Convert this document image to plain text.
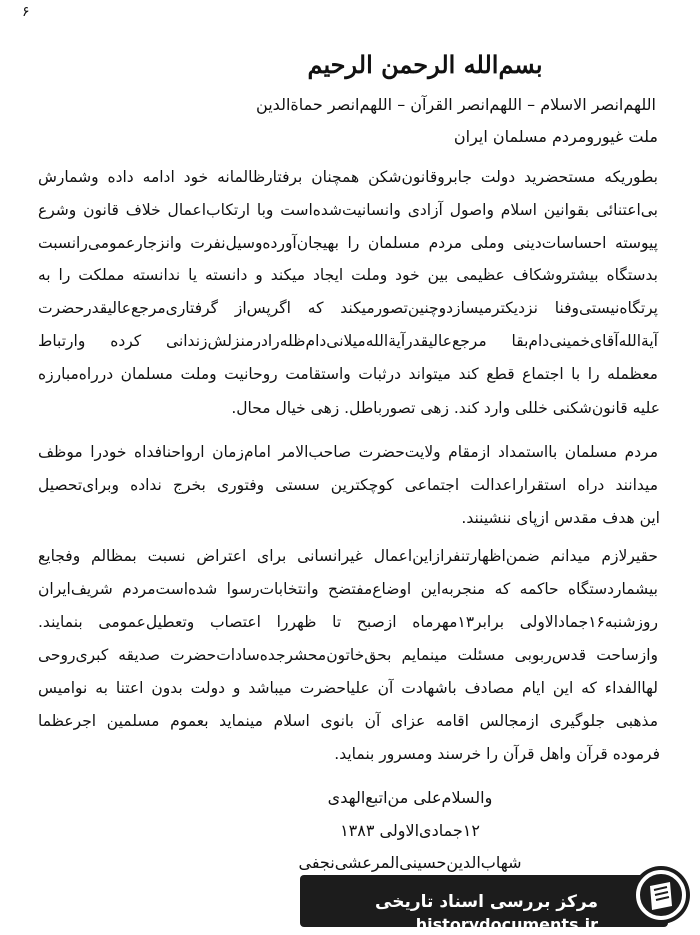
۶
بسم‌الله الرحمن الرحیم
اللهم‌انصر الاسلام – اللهم‌انصر القرآن – اللهم‌انصر حماة‌الدین
ملت غیورومردم مسلمان ایران
بطوریکه مستحضرید دولت جابروقانون‌شکن همچنان برفتارظالمانه خود ادامه داده وشمارش
بی‌اعتنائی بقوانین اسلام واصول آزادی وانسانیت‌شده‌است وبا ارتکاب‌اعمال خلاف قانون وشرع
پیوسته احساسات‌دینی وملی مردم مسلمان را بهیجان‌آورده‌وسیل‌نفرت وانزجارعمومی‌رانسبت
بدستگاه بیشتروشکاف عظیمی بین خود وملت ایجاد میکند و دانسته یا ندانسته مملکت را به
پرتگاه‌نیستی‌وفنا نزدیکترمیسازدوچنین‌تصورمیکند که اگرپس‌از گرفتاری‌مرجع‌عالیقدرحضرت
آیة‌الله‌آقای‌خمینی‌دام‌بقا مرجع‌عالیقدرآیة‌الله‌میلانی‌دام‌ظله‌رادرمنزلش‌زندانی کرده وارتباط
معظمله را با اجتماع قطع کند میتواند درثبات واستقامت روحانیت وملت مسلمان درراه‌مبارزه
علیه قانون‌شکنی خللی وارد کند. زهی تصورباطل. زهی خیال محال.
مردم مسلمان بااستمداد ازمقام ولایت‌حضرت صاحب‌الامر امام‌زمان ارواحنافداه خودرا موظف
میدانند دراه استقراراعدالت اجتماعی کوچکترین سستی وفتوری بخرج نداده وبرای‌تحصیل
این هدف مقدس ازپای ننشینند.
حقیرلازم میدانم ضمن‌اظهارتنفرازاین‌اعمال غیرانسانی برای اعتراض نسبت بمظالم وفجایع
بیشماردستگاه حاکمه که منجربه‌این اوضاع‌مفتضح وانتخابات‌رسوا شده‌است‌مردم شریف‌ایران
روزشنبه۱۶جمادالاولی برابر۱۳مهرماه ازصبح تا ظهررا اعتصاب وتعطیل‌عمومی بنمایند.
وازساحت قدس‌ربوبی مسئلت مینمایم بحق‌خاتون‌محشرجده‌سادات‌حضرت صدیقه کبری‌روحی
لهاالفداء که این ایام مصادف باشهادت آن علیاحضرت میباشد و دولت بدون اعتنا به نوامیس
مذهبی جلوگیری ازمجالس اقامه عزای آن بانوی اسلام مینماید بعموم مسلمین اجرعظما
فرموده قرآن واهل قرآن را خرسند ومسرور بنماید.
والسلام‌علی من‌اتبع‌الهدی
۱۲جمادی‌الاولی ۱۳۸۳
شهاب‌الدین‌حسینی‌المرعشی‌نجفی
مرکز بررسی اسناد تاریخی
historydocuments.ir
